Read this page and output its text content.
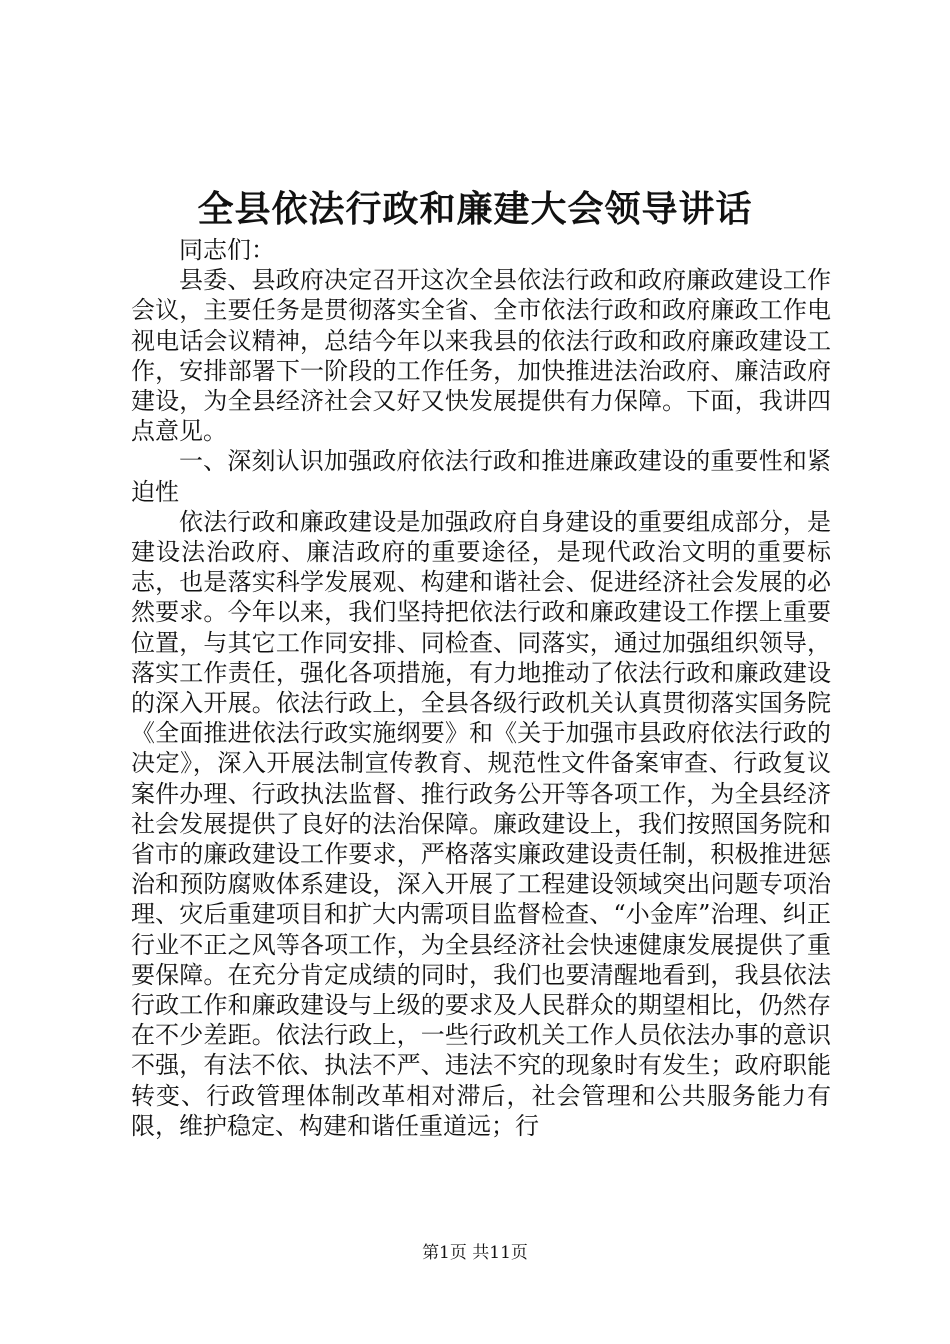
全县依法行政和廉建大会领导讲话

同志们：

县委、县政府决定召开这次全县依法行政和政府廉政建设工作会议，主要任务是贯彻落实全省、全市依法行政和政府廉政工作电视电话会议精神，总结今年以来我县的依法行政和政府廉政建设工作，安排部署下一阶段的工作任务，加快推进法治政府、廉洁政府建设，为全县经济社会又好又快发展提供有力保障。下面，我讲四点意见。

一、深刻认识加强政府依法行政和推进廉政建设的重要性和紧迫性

依法行政和廉政建设是加强政府自身建设的重要组成部分，是建设法治政府、廉洁政府的重要途径，是现代政治文明的重要标志，也是落实科学发展观、构建和谐社会、促进经济社会发展的必然要求。今年以来，我们坚持把依法行政和廉政建设工作摆上重要位置，与其它工作同安排、同检查、同落实，通过加强组织领导，落实工作责任，强化各项措施，有力地推动了依法行政和廉政建设的深入开展。依法行政上，全县各级行政机关认真贯彻落实国务院《全面推进依法行政实施纲要》和《关于加强市县政府依法行政的决定》，深入开展法制宣传教育、规范性文件备案审查、行政复议案件办理、行政执法监督、推行政务公开等各项工作，为全县经济社会发展提供了良好的法治保障。廉政建设上，我们按照国务院和省市的廉政建设工作要求，严格落实廉政建设责任制，积极推进惩治和预防腐败体系建设，深入开展了工程建设领域突出问题专项治理、灾后重建项目和扩大内需项目监督检查、“小金库”治理、纠正行业不正之风等各项工作，为全县经济社会快速健康发展提供了重要保障。在充分肯定成绩的同时，我们也要清醒地看到，我县依法行政工作和廉政建设与上级的要求及人民群众的期望相比，仍然存在不少差距。依法行政上，一些行政机关工作人员依法办事的意识不强，有法不依、执法不严、违法不究的现象时有发生；政府职能转变、行政管理体制改革相对滞后，社会管理和公共服务能力有限，维护稳定、构建和谐任重道远；行

第1页 共11页
